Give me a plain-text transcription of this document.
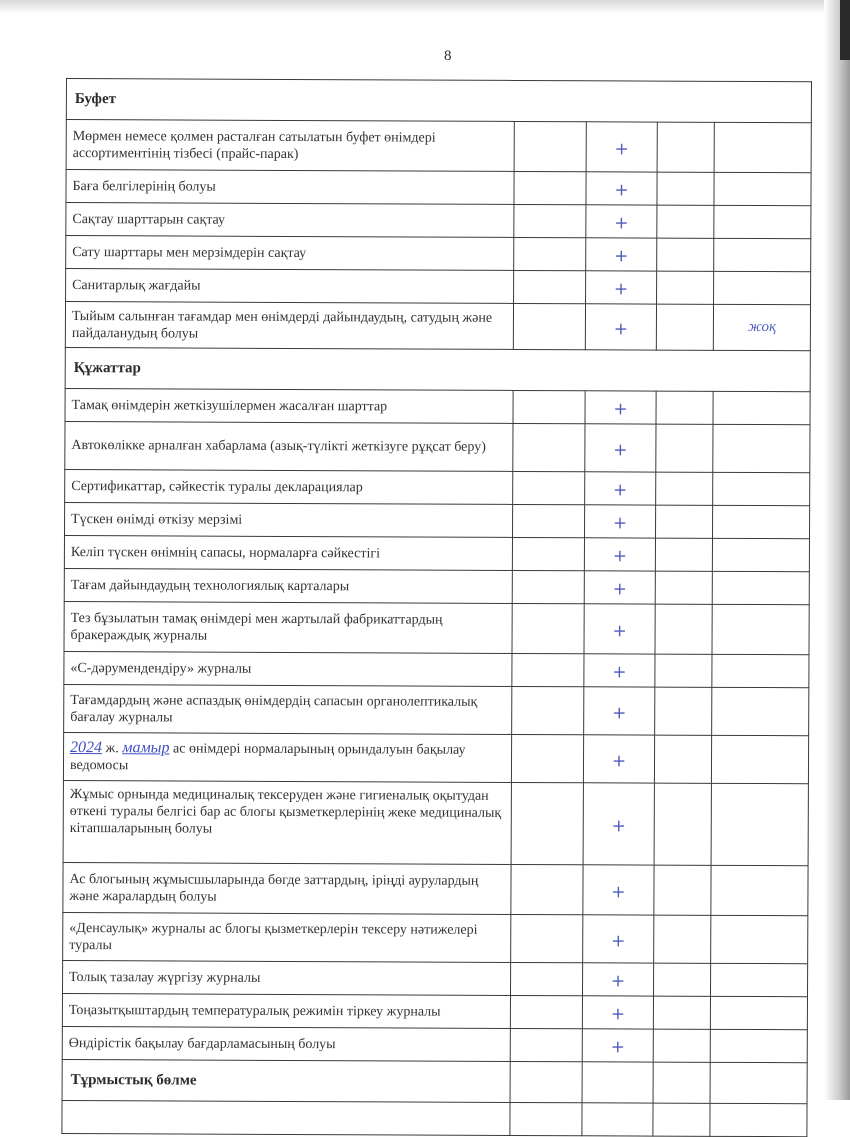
8
Буфет				
Мөрмен немесе қолмен расталған сатылатын буфет өнімдері ассортиментінің тізбесі (прайс-парак)		+		
Баға белгілерінің болуы		+		
Сақтау шарттарын сақтау		+		
Сату шарттары мен мерзімдерін сақтау		+		
Санитарлық жағдайы		+		
Тыйым салынған тағамдар мен өнімдерді дайындаудың, сатудың және пайдаланудың болуы		+		жоқ
Құжаттар				
Тамақ өнімдерін жеткізушілермен жасалған шарттар		+		
Автокөлікке арналған хабарлама (азық-түлікті жеткізуге рұқсат беру)		+		
Сертификаттар, сәйкестік туралы декларациялар		+		
Түскен өнімді өткізу мерзімі		+		
Келіп түскен өнімнің сапасы, нормаларға сәйкестігі		+		
Тағам дайындаудың технологиялық карталары		+		
Тез бұзылатын тамақ өнімдері мен жартылай фабрикаттардың бракераждық журналы		+		
«С-дәрумендендіру» журналы		+		
Тағамдардың және аспаздық өнімдердің сапасын органолептикалық бағалау журналы		+		
2024 ж. мамыр ас өнімдері нормаларының орындалуын бақылау ведомосы		+		
Жұмыс орнында медициналық тексеруден және гигиеналық оқытудан өткені туралы белгісі бар ас блогы қызметкерлерінің жеке медициналық кітапшаларының болуы		+		
Ас блогының жұмысшыларында бөгде заттардың, іріңді аурулардың және жаралардың болуы		+		
«Денсаулық» журналы ас блогы қызметкерлерін тексеру нәтижелері туралы		+		
Толық тазалау жүргізу журналы		+		
Тоңазытқыштардың температуралық режимін тіркеу журналы		+		
Өндірістік бақылау бағдарламасының болуы		+		
Тұрмыстық бөлме				
